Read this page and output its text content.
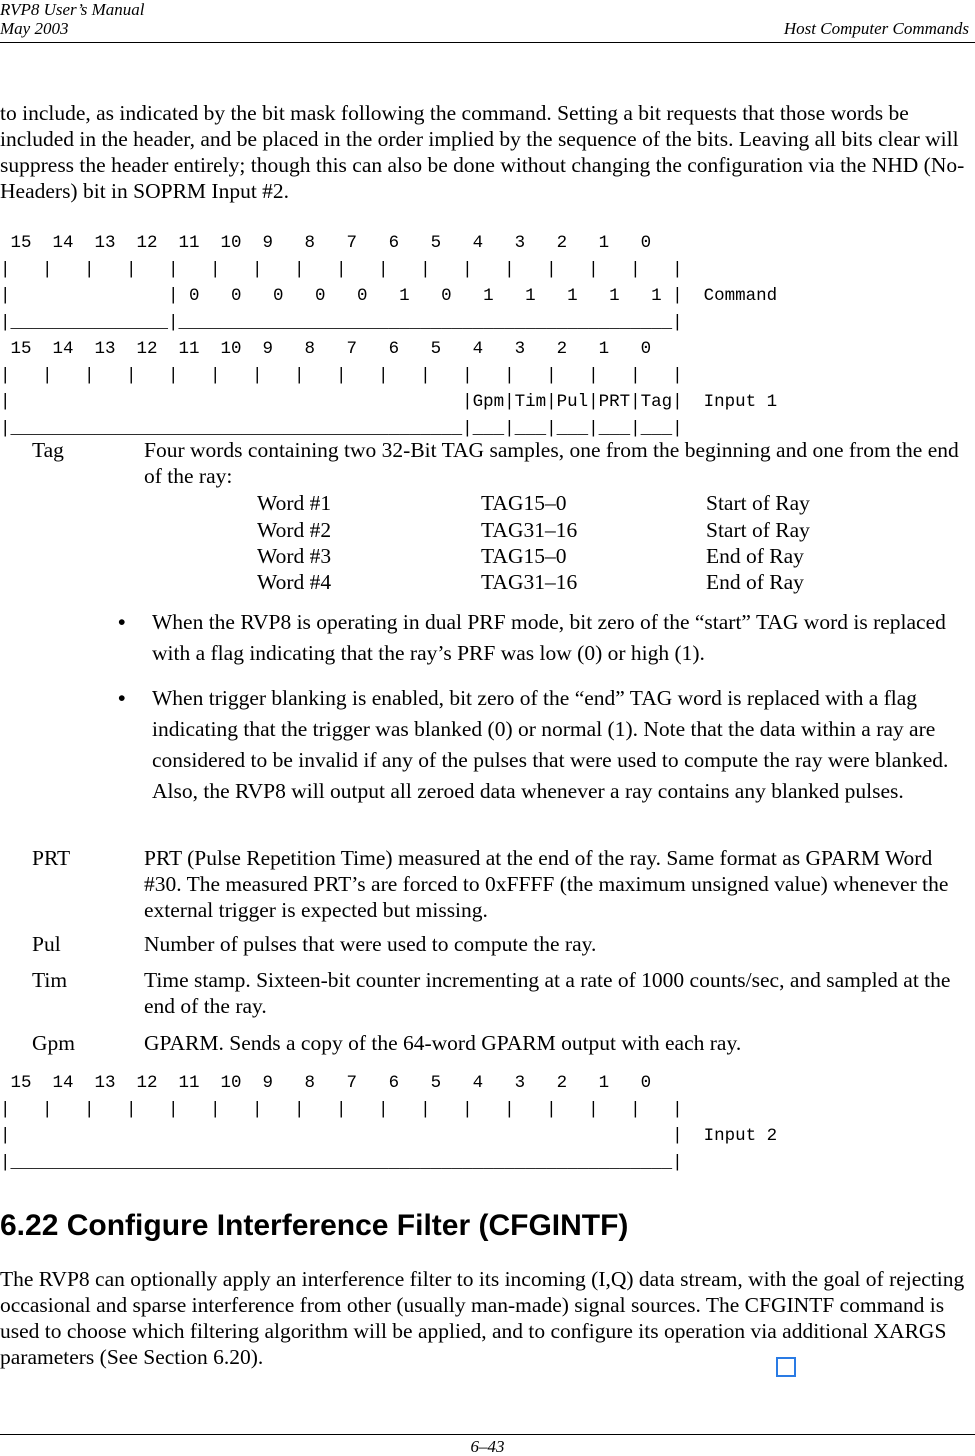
RVP8 User’s Manual
May 2003	Host Computer Commands

to include, as indicated by the bit mask following the command. Setting a bit requests that those words be included in the header, and be placed in the order implied by the sequence of the bits. Leaving all bits clear will suppress the header entirely; though this can also be done without changing the configuration via the NHD (No-Headers) bit in SOPRM Input #2.

15  14  13  12  11  10  9   8   7   6   5   4   3   2   1   0
|   |   |   |   |   |   |   |   |   |   |   |   |   |   |   |   |
|               | 0   0   0   0   0   1   0   1   1   1   1   1 |  Command
|_______________|_______________________________________________|
15  14  13  12  11  10  9   8   7   6   5   4   3   2   1   0
|   |   |   |   |   |   |   |   |   |   |   |   |   |   |   |   |
|                                           |Gpm|Tim|Pul|PRT|Tag|  Input 1
|___________________________________________|___|___|___|___|___|
Tag	Four words containing two 32-Bit TAG samples, one from the beginning and one from the end of the ray:
Word #1	TAG15–0	Start of Ray
Word #2	TAG31–16	Start of Ray
Word #3	TAG15–0	End of Ray
Word #4	TAG31–16	End of Ray
• When the RVP8 is operating in dual PRF mode, bit zero of the “start” TAG word is replaced with a flag indicating that the ray’s PRF was low (0) or high (1).
• When trigger blanking is enabled, bit zero of the “end” TAG word is replaced with a flag indicating that the trigger was blanked (0) or normal (1). Note that the data within a ray are considered to be invalid if any of the pulses that were used to compute the ray were blanked. Also, the RVP8 will output all zeroed data whenever a ray contains any blanked pulses.
PRT	PRT (Pulse Repetition Time) measured at the end of the ray. Same format as GPARM Word #30. The measured PRT’s are forced to 0xFFFF (the maximum unsigned value) whenever the external trigger is expected but missing.
Pul	Number of pulses that were used to compute the ray.
Tim	Time stamp. Sixteen-bit counter incrementing at a rate of 1000 counts/sec, and sampled at the end of the ray.
Gpm	GPARM. Sends a copy of the 64-word GPARM output with each ray.
15  14  13  12  11  10  9   8   7   6   5   4   3   2   1   0
|   |   |   |   |   |   |   |   |   |   |   |   |   |   |   |   |
|                                                               |  Input 2
|_______________________________________________________________|
6.22 Configure Interference Filter (CFGINTF)

The RVP8 can optionally apply an interference filter to its incoming (I,Q) data stream, with the goal of rejecting occasional and sparse interference from other (usually man-made) signal sources. The CFGINTF command is used to choose which filtering algorithm will be applied, and to configure its operation via additional XARGS parameters (See Section 6.20).

6–43
